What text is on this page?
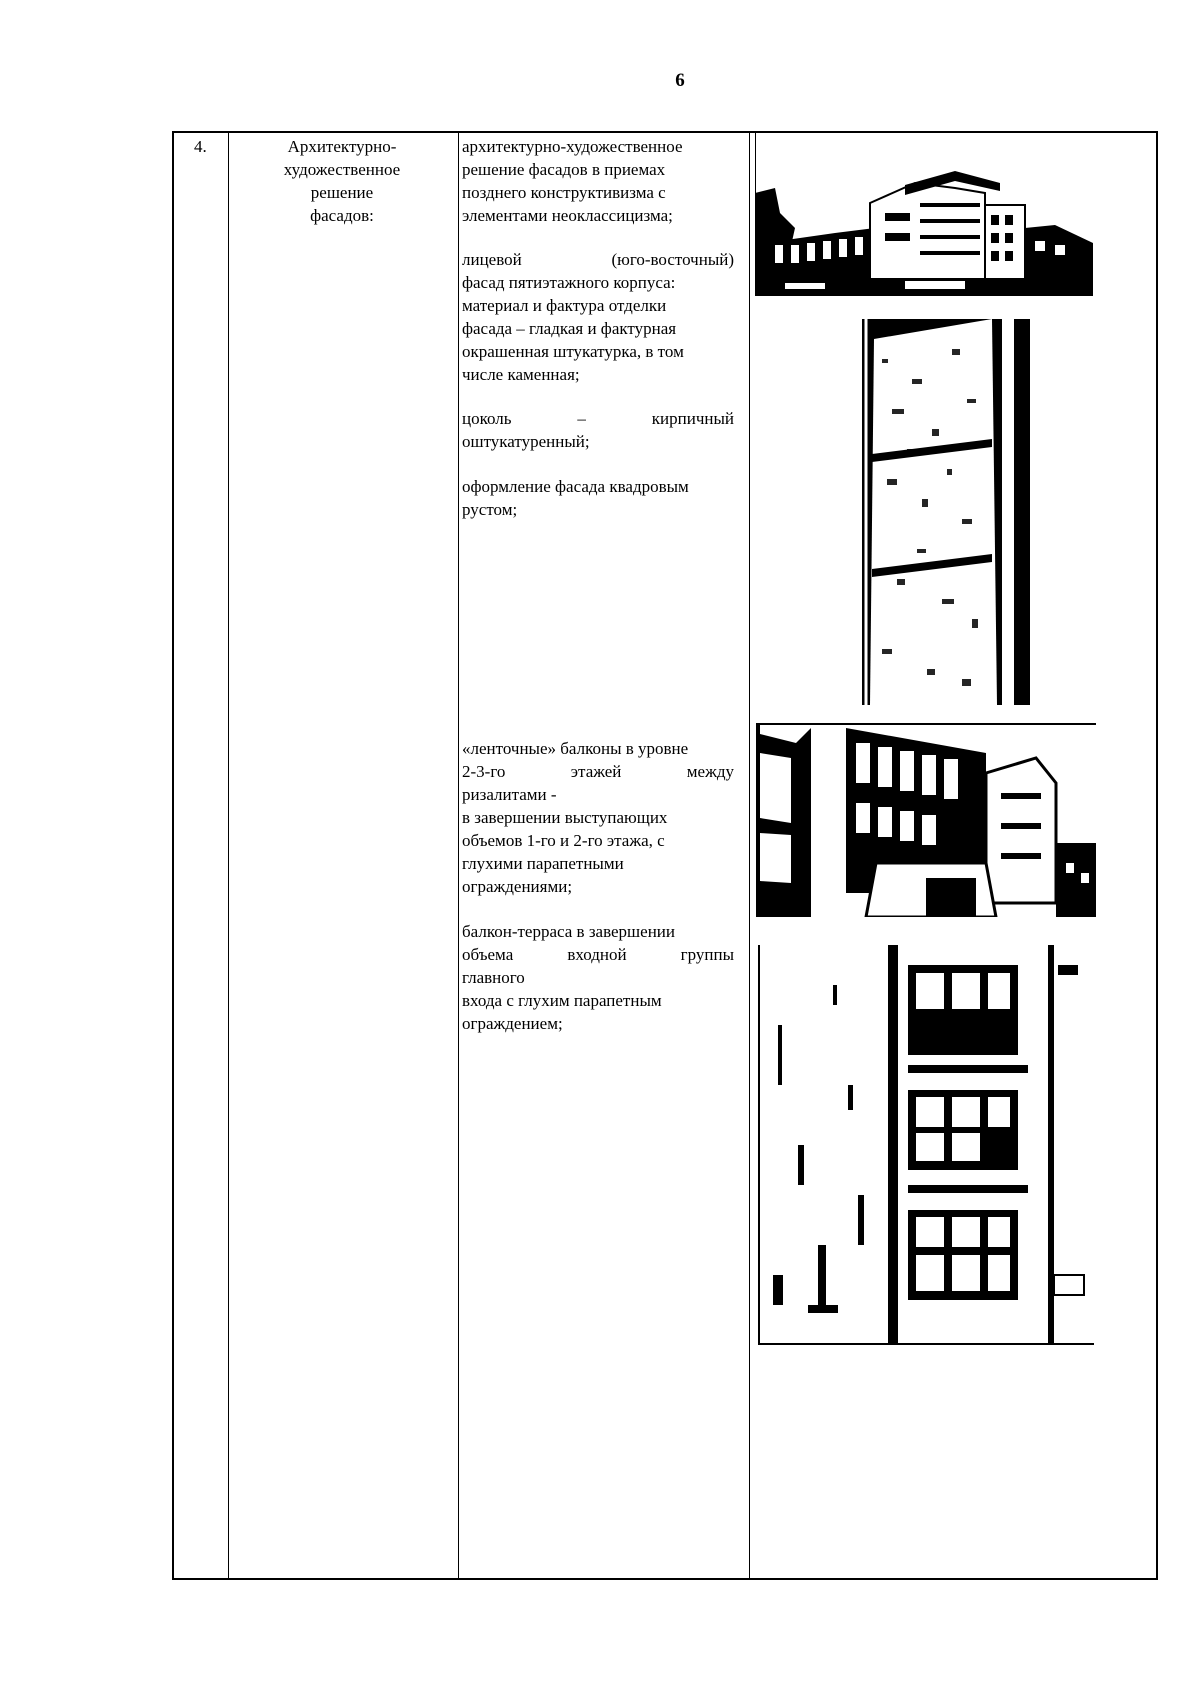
6
4.	Архитектурно-
художественное
решение
фасадов:

архитектурно-художественное

решение фасадов в приемах

позднего конструктивизма с

элементами неоклассицизма;

лицевой (юго-восточный)

фасад пятиэтажного корпуса:

материал и фактура отделки

фасада – гладкая и фактурная

окрашенная штукатурка, в том

числе каменная;

цоколь – кирпичный

оштукатуренный;

оформление фасада квадровым

рустом;

«ленточные» балконы в уровне

2-3-го этажей между

ризалитами -

в завершении выступающих

объемов 1-го и 2-го этажа, с

глухими парапетными

ограждениями;

балкон-терраса в завершении

объема входной группы

главного

входа с глухим парапетным

ограждением;
